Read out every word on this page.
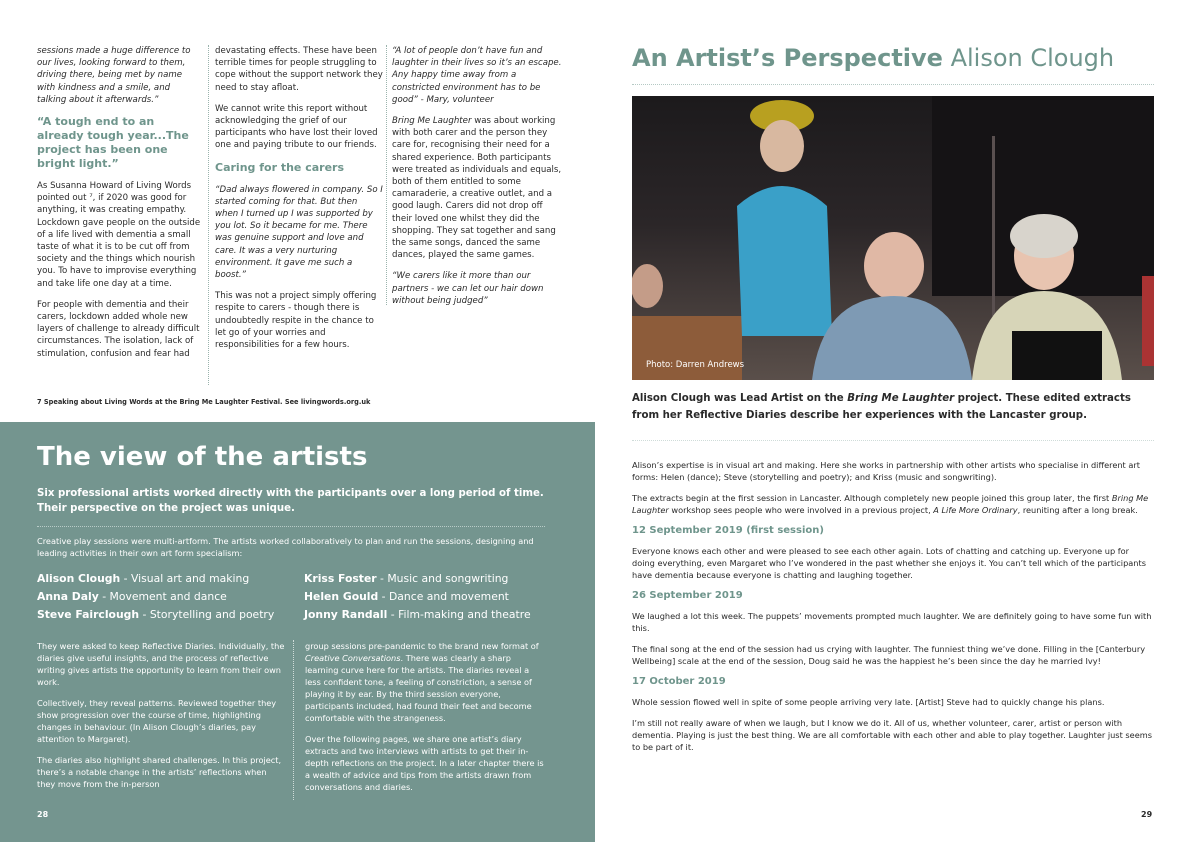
sessions made a huge difference to our lives, looking forward to them, driving there, being met by name with kindness and a smile, and talking about it afterwards.”

“A tough end to an already tough year...The project has been one bright light.”

As Susanna Howard of Living Words pointed out ⁷, if 2020 was good for anything, it was creating empathy. Lockdown gave people on the outside of a life lived with dementia a small taste of what it is to be cut off from society and the things which nourish you. To have to improvise everything and take life one day at a time.

For people with dementia and their carers, lockdown added whole new layers of challenge to already difficult circumstances. The isolation, lack of stimulation, confusion and fear had

devastating effects. These have been terrible times for people struggling to cope without the support network they need to stay afloat.

We cannot write this report without acknowledging the grief of our participants who have lost their loved one and paying tribute to our friends.

Caring for the carers

“Dad always flowered in company. So I started coming for that. But then when I turned up I was supported by you lot. So it became for me. There was genuine support and love and care. It was a very nurturing environment. It gave me such a boost.”

This was not a project simply offering respite to carers - though there is undoubtedly respite in the chance to let go of your worries and responsibilities for a few hours.

“A lot of people don’t have fun and laughter in their lives so it’s an escape. Any happy time away from a constricted environment has to be good” - Mary, volunteer

Bring Me Laughter was about working with both carer and the person they care for, recognising their need for a shared experience. Both participants were treated as individuals and equals, both of them entitled to some camaraderie, a creative outlet, and a good laugh. Carers did not drop off their loved one whilst they did the shopping. They sat together and sang the same songs, danced the same dances, played the same games.

“We carers like it more than our partners - we can let our hair down without being judged”

7 Speaking about Living Words at the Bring Me Laughter Festival. See livingwords.org.uk
The view of the artists
Six professional artists worked directly with the participants over a long period of time. Their perspective on the project was unique.
Creative play sessions were multi-artform. The artists worked collaboratively to plan and run the sessions, designing and leading activities in their own art form specialism:
Alison Clough - Visual art and making
Anna Daly - Movement and dance
Steve Fairclough - Storytelling and poetry
Kriss Foster - Music and songwriting
Helen Gould - Dance and movement
Jonny Randall - Film-making and theatre

They were asked to keep Reflective Diaries. Individually, the diaries give useful insights, and the process of reflective writing gives artists the opportunity to learn from their own work.

Collectively, they reveal patterns. Reviewed together they show progression over the course of time, highlighting changes in behaviour. (In Alison Clough’s diaries, pay attention to Margaret).

The diaries also highlight shared challenges. In this project, there’s a notable change in the artists’ reflections when they move from the in-person

group sessions pre-pandemic to the brand new format of Creative Conversations. There was clearly a sharp learning curve here for the artists. The diaries reveal a less confident tone, a feeling of constriction, a sense of playing it by ear. By the third session everyone, participants included, had found their feet and become comfortable with the strangeness.

Over the following pages, we share one artist’s diary extracts and two interviews with artists to get their in-depth reflections on the project. In a later chapter there is a wealth of advice and tips from the artists drawn from conversations and diaries.

28
An Artist’s Perspective Alison Clough
Photo: Darren Andrews
Alison Clough was Lead Artist on the Bring Me Laughter project. These edited extracts from her Reflective Diaries describe her experiences with the Lancaster group.

Alison’s expertise is in visual art and making. Here she works in partnership with other artists who specialise in different art forms: Helen (dance); Steve (storytelling and poetry); and Kriss (music and songwriting).

The extracts begin at the first session in Lancaster. Although completely new people joined this group later, the first Bring Me Laughter workshop sees people who were involved in a previous project, A Life More Ordinary, reuniting after a long break.

12 September 2019 (first session)

Everyone knows each other and were pleased to see each other again. Lots of chatting and catching up. Everyone up for doing everything, even Margaret who I’ve wondered in the past whether she enjoys it. You can’t tell which of the participants have dementia because everyone is chatting and laughing together.

26 September 2019

We laughed a lot this week. The puppets’ movements prompted much laughter. We are definitely going to have some fun with this.

The final song at the end of the session had us crying with laughter. The funniest thing we’ve done. Filling in the [Canterbury Wellbeing] scale at the end of the session, Doug said he was the happiest he’s been since the day he married Ivy!

17 October 2019

Whole session flowed well in spite of some people arriving very late. [Artist] Steve had to quickly change his plans.

I’m still not really aware of when we laugh, but I know we do it. All of us, whether volunteer, carer, artist or person with dementia. Playing is just the best thing. We are all comfortable with each other and able to play together. Laughter just seems to be part of it.

29
